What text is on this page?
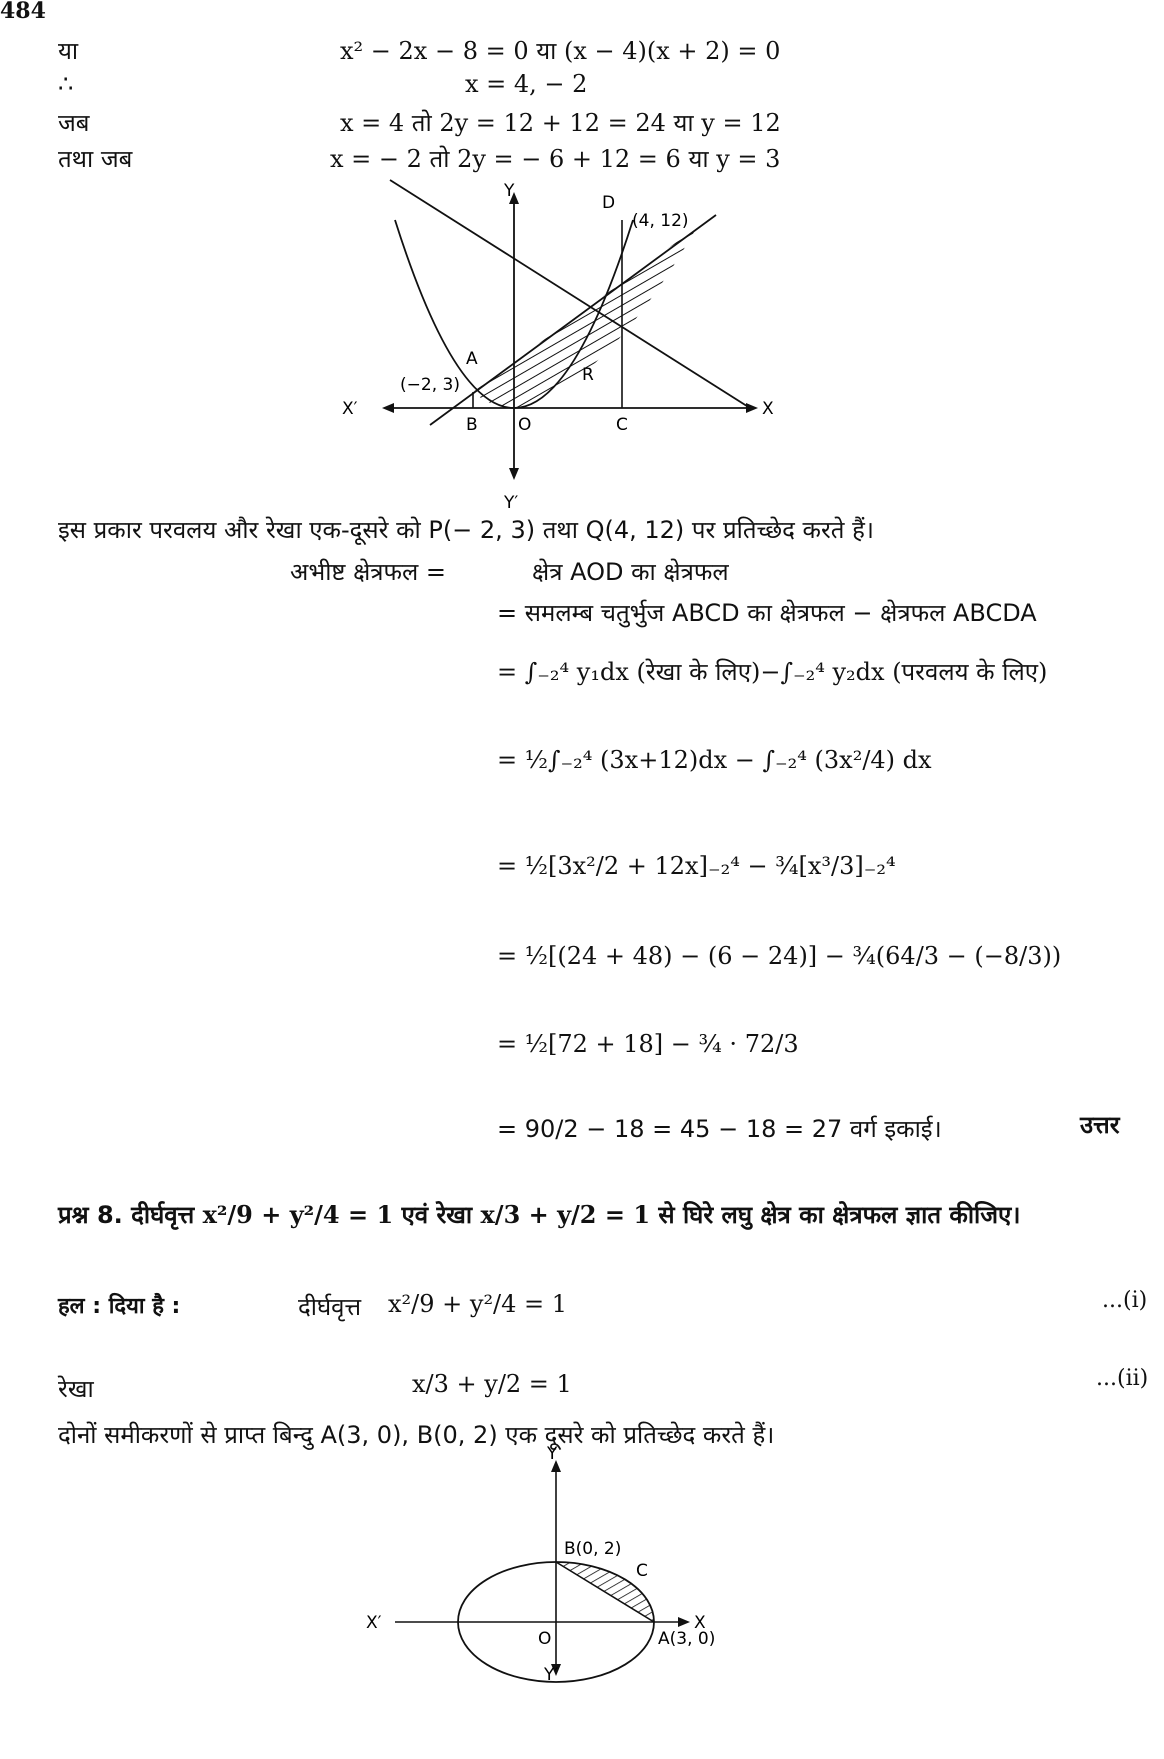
484
या	x² − 2x − 8 = 0 या (x − 4)(x + 2) = 0
∴	x = 4, − 2
जब	x = 4 तो 2y = 12 + 12 = 24 या y = 12
तथा जब	x = − 2 तो 2y = − 6 + 12 = 6 या y = 3
Y
Y′
X
X′
D
(4, 12)
A
(−2, 3)
B O	C
R
इस प्रकार परवलय और रेखा एक-दूसरे को P(− 2, 3) तथा Q(4, 12) पर प्रतिच्छेद करते हैं।
अभीष्ट क्षेत्रफल =	क्षेत्र AOD का क्षेत्रफल
= समलम्ब चतुर्भुज ABCD का क्षेत्रफल − क्षेत्रफल ABCDA
= ∫₋₂⁴ y₁dx (रेखा के लिए)−∫₋₂⁴ y₂dx (परवलय के लिए)
= ½∫₋₂⁴ (3x+12)dx − ∫₋₂⁴ (3x²/4) dx
= ½[3x²/2 + 12x]₋₂⁴ − ¾[x³/3]₋₂⁴
= ½[(24 + 48) − (6 − 24)] − ¾(64/3 − (−8/3))
= ½[72 + 18] − ¾ · 72/3
= 90/2 − 18 = 45 − 18 = 27 वर्ग इकाई।	उत्तर
प्रश्न 8. दीर्घवृत्त x²/9 + y²/4 = 1 एवं रेखा x/3 + y/2 = 1 से घिरे लघु क्षेत्र का क्षेत्रफल ज्ञात कीजिए।
हल : दिया है :	दीर्घवृत्त x²/9 + y²/4 = 1	...(i)
रेखा	x/3 + y/2 = 1	...(ii)
दोनों समीकरणों से प्राप्त बिन्दु A(3, 0), B(0, 2) एक दूसरे को प्रतिच्छेद करते हैं।
Y
Y′
X
X′
B(0, 2)
C
O	A(3, 0)
